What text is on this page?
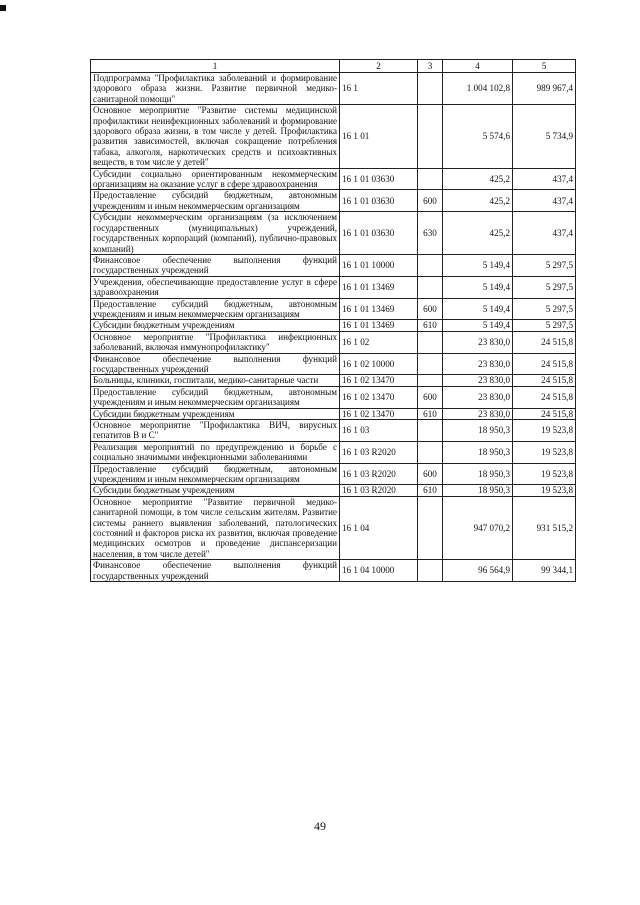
1	2	3	4	5
Подпрограмма "Профилактика заболеваний и формирование здорового образа жизни. Развитие первичной медико-санитарной помощи"	16 1		1 004 102,8	989 967,4
Основное мероприятие "Развитие системы медицинской профилактики неинфекционных заболеваний и формирование здорового образа жизни, в том числе у детей. Профилактика развития зависимостей, включая сокращение потребления табака, алкоголя, наркотических средств и психоактивных веществ, в том числе у детей"	16 1 01		5 574,6	5 734,9
Субсидии социально ориентированным некоммерческим организациям на оказание услуг в сфере здравоохранения	16 1 01 03630		425,2	437,4
Предоставление субсидий бюджетным, автономным учреждениям и иным некоммерческим организациям	16 1 01 03630	600	425,2	437,4
Субсидии некоммерческим организациям (за исключением государственных (муниципальных) учреждений, государственных корпораций (компаний), публично-правовых компаний)	16 1 01 03630	630	425,2	437,4
Финансовое обеспечение выполнения функций государственных учреждений	16 1 01 10000		5 149,4	5 297,5
Учреждения, обеспечивающие предоставление услуг в сфере здравоохранения	16 1 01 13469		5 149,4	5 297,5
Предоставление субсидий бюджетным, автономным учреждениям и иным некоммерческим организациям	16 1 01 13469	600	5 149,4	5 297,5
Субсидии бюджетным учреждениям	16 1 01 13469	610	5 149,4	5 297,5
Основное мероприятие "Профилактика инфекционных заболеваний, включая иммунопрофилактику"	16 1 02		23 830,0	24 515,8
Финансовое обеспечение выполнения функций государственных учреждений	16 1 02 10000		23 830,0	24 515,8
Больницы, клиники, госпитали, медико-санитарные части	16 1 02 13470		23 830,0	24 515,8
Предоставление субсидий бюджетным, автономным учреждениям и иным некоммерческим организациям	16 1 02 13470	600	23 830,0	24 515,8
Субсидии бюджетным учреждениям	16 1 02 13470	610	23 830,0	24 515,8
Основное мероприятие "Профилактика ВИЧ, вирусных гепатитов В и С"	16 1 03		18 950,3	19 523,8
Реализация мероприятий по предупреждению и борьбе с социально значимыми инфекционными заболеваниями	16 1 03 R2020		18 950,3	19 523,8
Предоставление субсидий бюджетным, автономным учреждениям и иным некоммерческим организациям	16 1 03 R2020	600	18 950,3	19 523,8
Субсидии бюджетным учреждениям	16 1 03 R2020	610	18 950,3	19 523,8
Основное мероприятие "Развитие первичной медико-санитарной помощи, в том числе сельским жителям. Развитие системы раннего выявления заболеваний, патологических состояний и факторов риска их развития, включая проведение медицинских осмотров и проведение диспансеризации населения, в том числе детей"	16 1 04		947 070,2	931 515,2
Финансовое обеспечение выполнения функций государственных учреждений	16 1 04 10000		96 564,9	99 344,1
49
